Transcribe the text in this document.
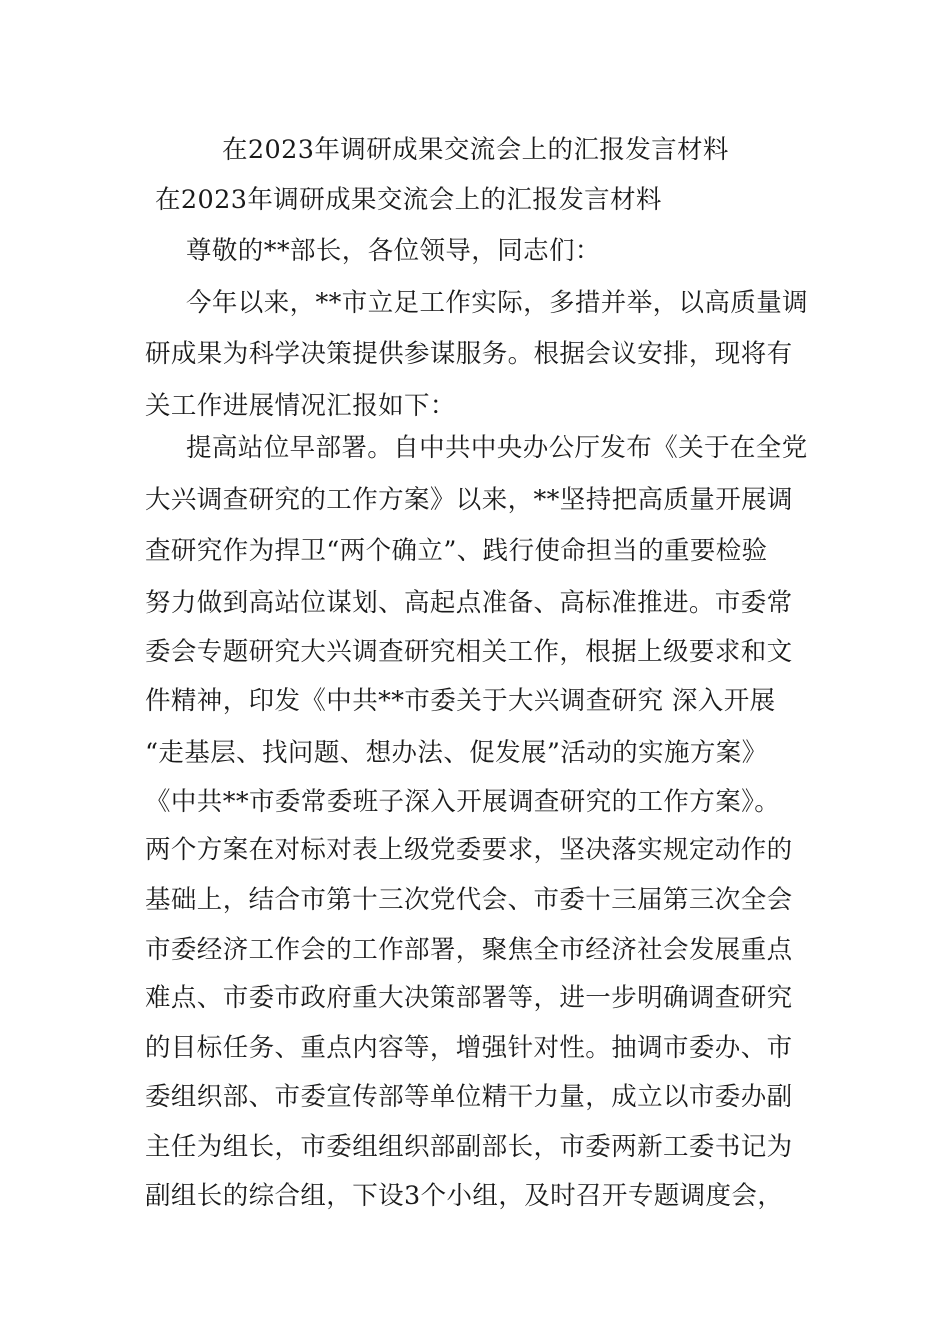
在2023年调研成果交流会上的汇报发言材料
在2023年调研成果交流会上的汇报发言材料
尊敬的**部长，各位领导，同志们：
今年以来，**市立足工作实际，多措并举，以高质量调
研成果为科学决策提供参谋服务。根据会议安排，现将有
关工作进展情况汇报如下：
提高站位早部署。自中共中央办公厅发布《关于在全党
大兴调查研究的工作方案》以来，**坚持把高质量开展调
查研究作为捍卫“两个确立”、践行使命担当的重要检验
努力做到高站位谋划、高起点准备、高标准推进。市委常
委会专题研究大兴调查研究相关工作，根据上级要求和文
件精神，印发《中共**市委关于大兴调查研究 深入开展
“走基层、找问题、想办法、促发展”活动的实施方案》
《中共**市委常委班子深入开展调查研究的工作方案》。
两个方案在对标对表上级党委要求，坚决落实规定动作的
基础上，结合市第十三次党代会、市委十三届第三次全会
市委经济工作会的工作部署，聚焦全市经济社会发展重点
难点、市委市政府重大决策部署等，进一步明确调查研究
的目标任务、重点内容等，增强针对性。抽调市委办、市
委组织部、市委宣传部等单位精干力量，成立以市委办副
主任为组长，市委组组织部副部长，市委两新工委书记为
副组长的综合组，下设3个小组，及时召开专题调度会，
